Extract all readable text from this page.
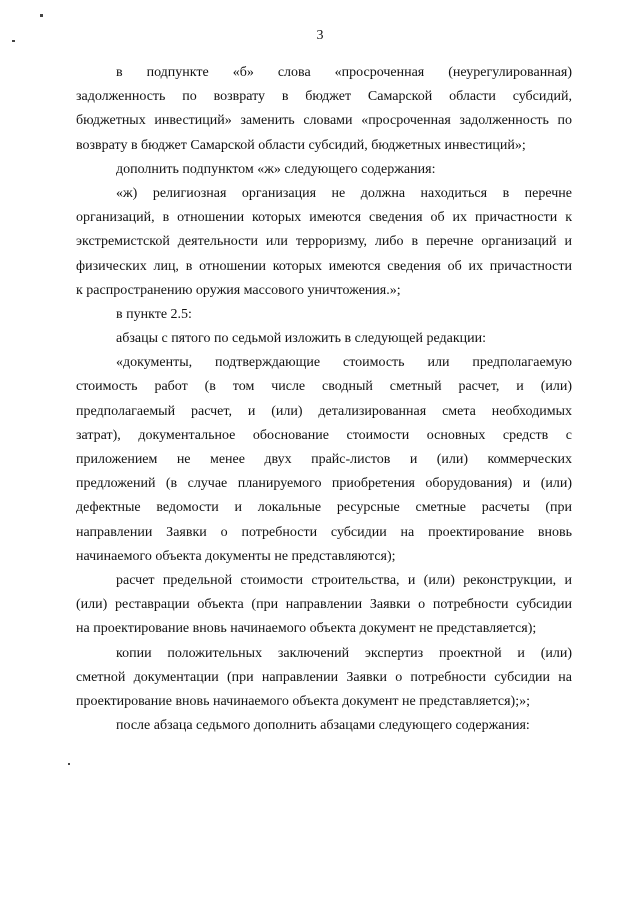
3
в подпункте «б» слова «просроченная (неурегулированная)
задолженность по возврату в бюджет Самарской области субсидий,
бюджетных инвестиций» заменить словами «просроченная задолженность по
возврату в бюджет Самарской области субсидий, бюджетных инвестиций»;
дополнить подпунктом «ж» следующего содержания:
«ж) религиозная организация не должна находиться в перечне
организаций, в отношении которых имеются сведения об их причастности к
экстремистской деятельности или терроризму, либо в перечне организаций и
физических лиц, в отношении которых имеются сведения об их причастности
к распространению оружия массового уничтожения.»;
в пункте 2.5:
абзацы с пятого по седьмой изложить в следующей редакции:
«документы, подтверждающие стоимость или предполагаемую
стоимость работ (в том числе сводный сметный расчет, и (или)
предполагаемый расчет, и (или) детализированная смета необходимых
затрат), документальное обоснование стоимости основных средств с
приложением не менее двух прайс-листов и (или) коммерческих
предложений (в случае планируемого приобретения оборудования) и (или)
дефектные ведомости и локальные ресурсные сметные расчеты (при
направлении Заявки о потребности субсидии на проектирование вновь
начинаемого объекта документы не представляются);
расчет предельной стоимости строительства, и (или) реконструкции, и
(или) реставрации объекта (при направлении Заявки о потребности субсидии
на проектирование вновь начинаемого объекта документ не представляется);
копии положительных заключений экспертиз проектной и (или)
сметной документации (при направлении Заявки о потребности субсидии на
проектирование вновь начинаемого объекта документ не представляется);»;
после абзаца седьмого дополнить абзацами следующего содержания:
